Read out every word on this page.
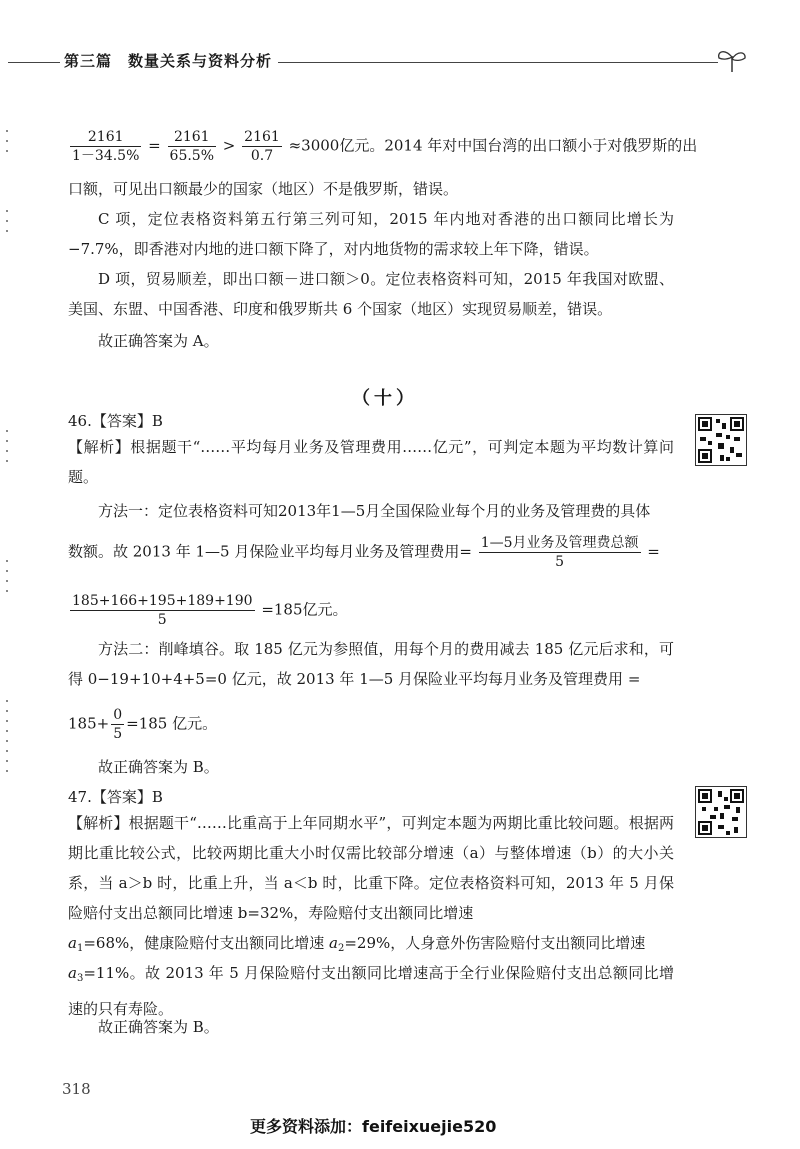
第三篇　数量关系与资料分析
$\frac{2161}{1-34.5\%} = \frac{2161}{65.5\%} > \frac{2161}{0.7} \approx 3000$亿元。2014 年对中国台湾的出口额小于对俄罗斯的出
口额，可见出口额最少的国家（地区）不是俄罗斯，错误。
C 项，定位表格资料第五行第三列可知，2015 年内地对香港的出口额同比增长为 −7.7%，即香港对内地的进口额下降了，对内地货物的需求较上年下降，错误。
D 项，贸易顺差，即出口额－进口额＞0。定位表格资料可知，2015 年我国对欧盟、美国、东盟、中国香港、印度和俄罗斯共 6 个国家（地区）实现贸易顺差，错误。
故正确答案为 A。
（十）
46.【答案】B
【解析】根据题干“……平均每月业务及管理费用……亿元”，可判定本题为平均数计算问题。
方法一：定位表格资料可知2013年1—5月全国保险业每个月的业务及管理费的具体
数额。故 2013 年 1—5 月保险业平均每月业务及管理费用= $\frac{\text{1—5月业务及管理费总额}}{5}$ =
$\frac{185+166+195+189+190}{5} =185$亿元。
方法二：削峰填谷。取 185 亿元为参照值，用每个月的费用减去 185 亿元后求和，可得 0−19+10+4+5=0 亿元，故 2013 年 1—5 月保险业平均每月业务及管理费用 =
$185+ \frac{0}{5} =185$ 亿元。
故正确答案为 B。
47.【答案】B
【解析】根据题干“……比重高于上年同期水平”，可判定本题为两期比重比较问题。根据两期比重比较公式，比较两期比重大小时仅需比较部分增速（a）与整体增速（b）的大小关系，当 a＞b 时，比重上升，当 a＜b 时，比重下降。定位表格资料可知，2013 年 5 月保险赔付支出总额同比增速 b=32%，寿险赔付支出额同比增速
$a_1=68\%$，健康险赔付支出额同比增速 $a_2=29\%$，人身意外伤害险赔付支出额同比增速
$a_3=11\%$。故 2013 年 5 月保险赔付支出额同比增速高于全行业保险赔付支出总额同比增速的只有寿险。
故正确答案为 B。
318
更多资料添加：feifeixuejie520
